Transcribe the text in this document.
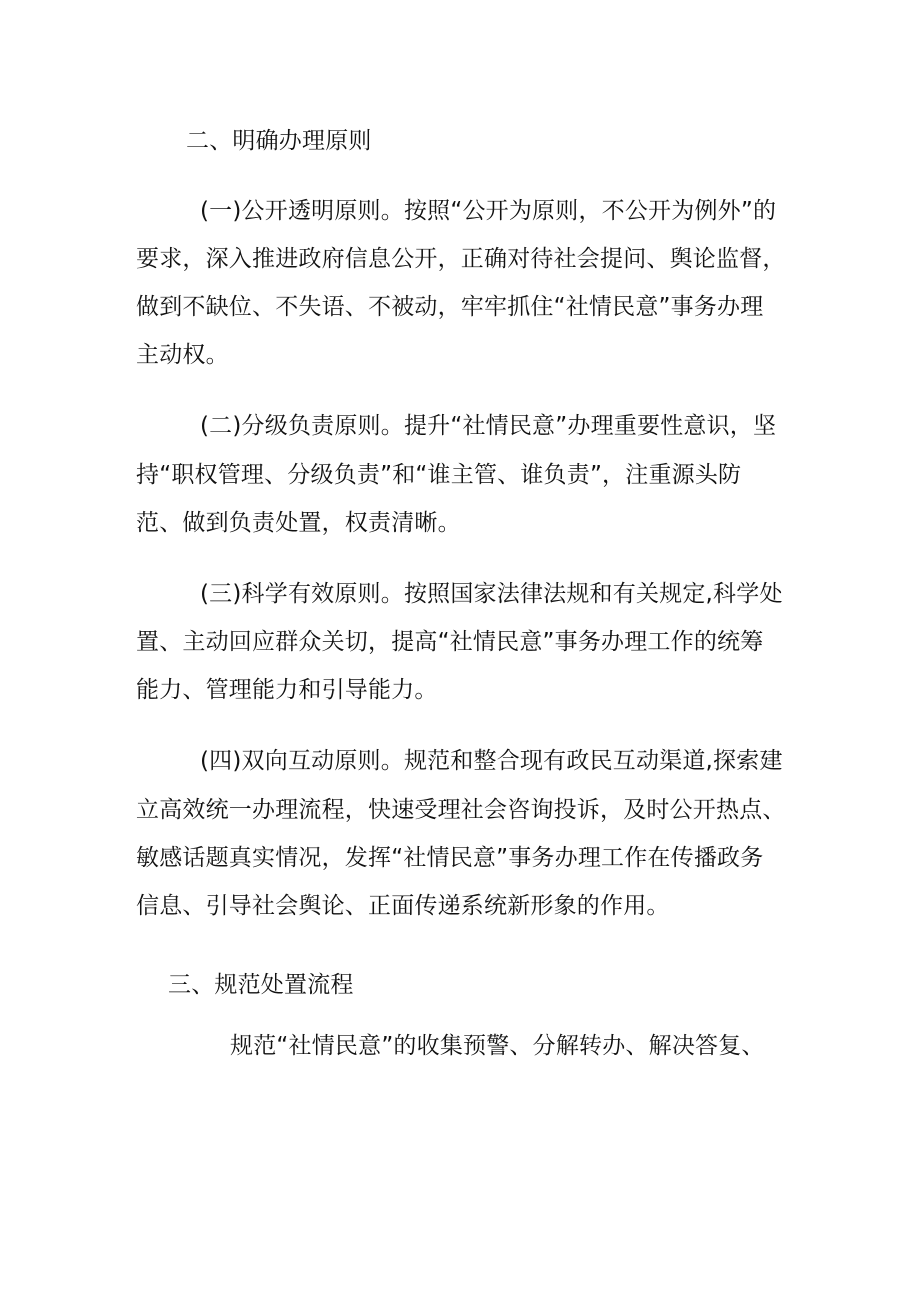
二、明确办理原则
(一)公开透明原则。按照“公开为原则，不公开为例外”的
要求，深入推进政府信息公开，正确对待社会提问、舆论监督，
做到不缺位、不失语、不被动，牢牢抓住“社情民意”事务办理
主动权。
(二)分级负责原则。提升“社情民意”办理重要性意识，坚
持“职权管理、分级负责”和“谁主管、谁负责”，注重源头防
范、做到负责处置，权责清晰。
(三)科学有效原则。按照国家法律法规和有关规定,科学处
置、主动回应群众关切，提高“社情民意”事务办理工作的统筹
能力、管理能力和引导能力。
(四)双向互动原则。规范和整合现有政民互动渠道,探索建
立高效统一办理流程，快速受理社会咨询投诉，及时公开热点、
敏感话题真实情况，发挥“社情民意”事务办理工作在传播政务
信息、引导社会舆论、正面传递系统新形象的作用。
三、规范处置流程
规范“社情民意”的收集预警、分解转办、解决答复、
